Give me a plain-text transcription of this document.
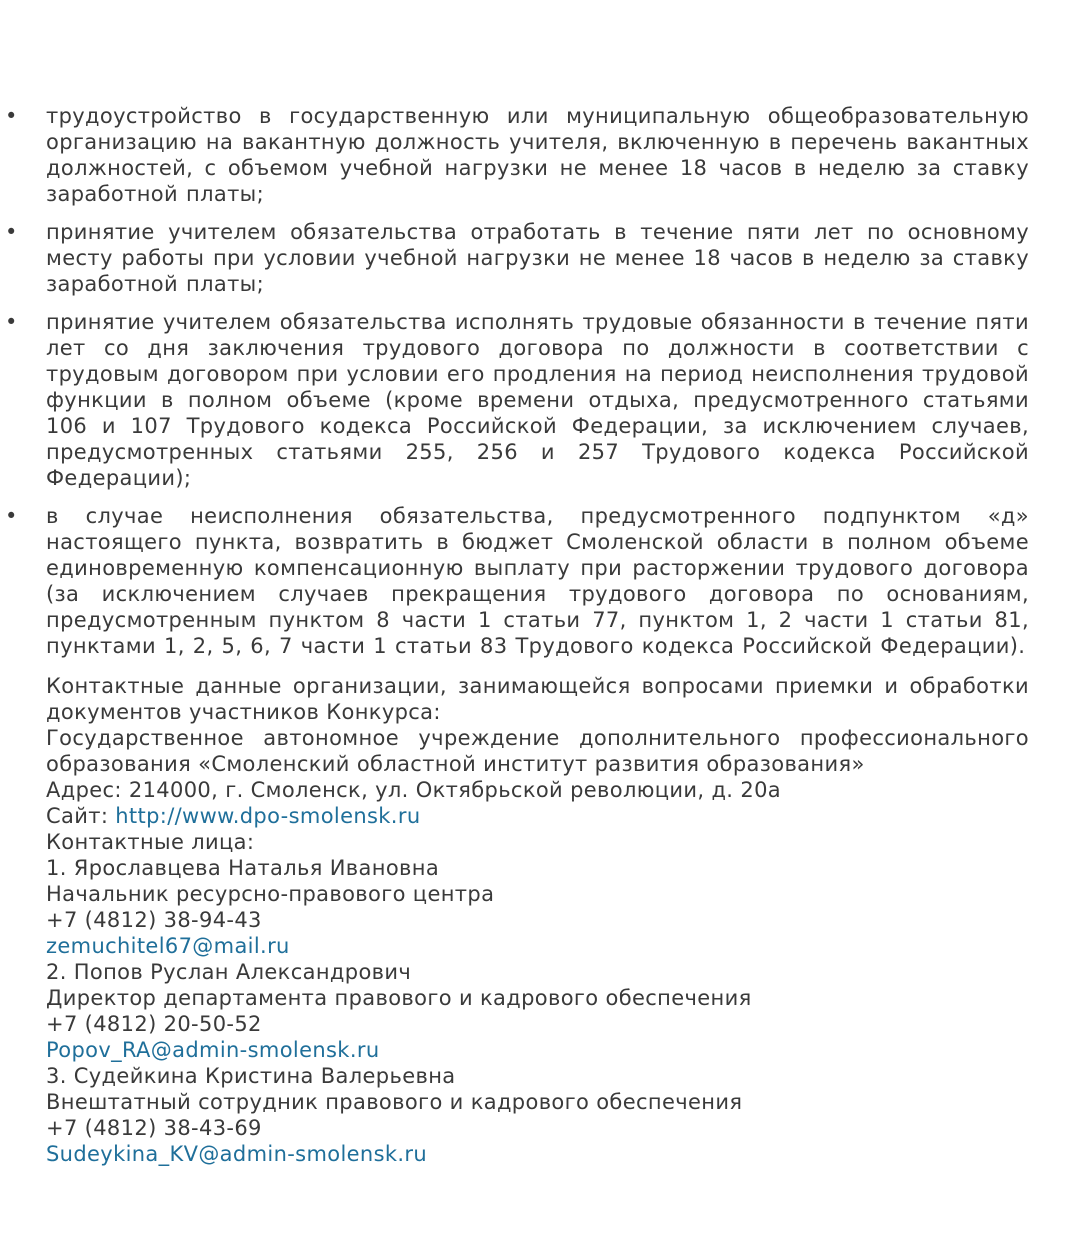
• трудоустройство в государственную или муниципальную общеобразовательную организацию на вакантную должность учителя, включенную в перечень вакантных должностей, с объемом учебной нагрузки не менее 18 часов в неделю за ставку заработной платы;
• принятие учителем обязательства отработать в течение пяти лет по основному месту работы при условии учебной нагрузки не менее 18 часов в неделю за ставку заработной платы;
• принятие учителем обязательства исполнять трудовые обязанности в течение пяти лет со дня заключения трудового договора по должности в соответствии с трудовым договором при условии его продления на период неисполнения трудовой функции в полном объеме (кроме времени отдыха, предусмотренного статьями 106 и 107 Трудового кодекса Российской Федерации, за исключением случаев, предусмотренных статьями 255, 256 и 257 Трудового кодекса Российской Федерации);
• в случае неисполнения обязательства, предусмотренного подпунктом «д» настоящего пункта, возвратить в бюджет Смоленской области в полном объеме единовременную компенсационную выплату при расторжении трудового договора (за исключением случаев прекращения трудового договора по основаниям, предусмотренным пунктом 8 части 1 статьи 77, пунктом 1, 2 части 1 статьи 81, пунктами 1, 2, 5, 6, 7 части 1 статьи 83 Трудового кодекса Российской Федерации).
Контактные данные организации, занимающейся вопросами приемки и обработки документов участников Конкурса:
Государственное автономное учреждение дополнительного профессионального образования «Смоленский областной институт развития образования»
Адрес: 214000, г. Смоленск, ул. Октябрьской революции, д. 20а
Сайт: http://www.dpo-smolensk.ru
Контактные лица:
1. Ярославцева Наталья Ивановна
Начальник ресурсно-правового центра
+7 (4812) 38-94-43
zemuchitel67@mail.ru
2. Попов Руслан Александрович
Директор департамента правового и кадрового обеспечения
+7 (4812) 20-50-52
Popov_RA@admin-smolensk.ru
3. Судейкина Кристина Валерьевна
Внештатный сотрудник правового и кадрового обеспечения
+7 (4812) 38-43-69
Sudeykina_KV@admin-smolensk.ru
